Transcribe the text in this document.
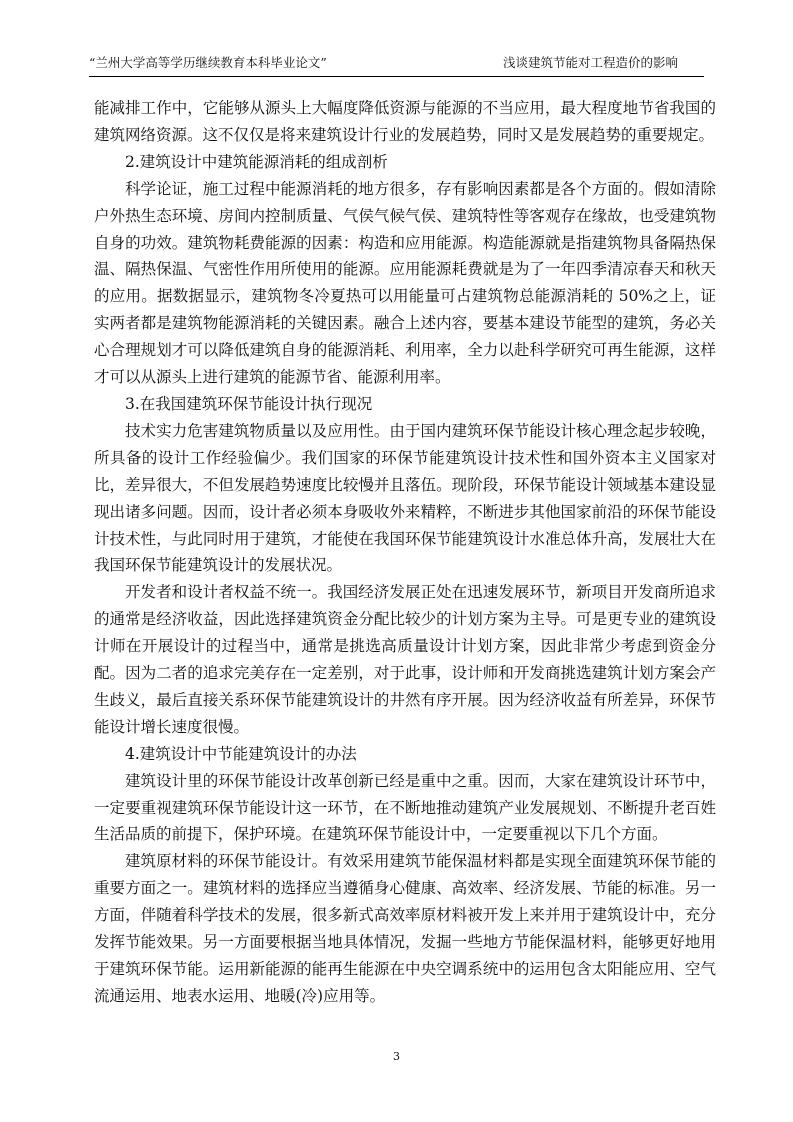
“兰州大学高等学历继续教育本科毕业论文”	浅谈建筑节能对工程造价的影响

能减排工作中，它能够从源头上大幅度降低资源与能源的不当应用，最大程度地节省我国的建筑网络资源。这不仅仅是将来建筑设计行业的发展趋势，同时又是发展趋势的重要规定。

2.建筑设计中建筑能源消耗的组成剖析

科学论证，施工过程中能源消耗的地方很多，存有影响因素都是各个方面的。假如清除户外热生态环境、房间内控制质量、气侯气候气侯、建筑特性等客观存在缘故，也受建筑物自身的功效。建筑物耗费能源的因素：构造和应用能源。构造能源就是指建筑物具备隔热保温、隔热保温、气密性作用所使用的能源。应用能源耗费就是为了一年四季清凉春天和秋天的应用。据数据显示，建筑物冬冷夏热可以用能量可占建筑物总能源消耗的 50%之上，证实两者都是建筑物能源消耗的关键因素。融合上述内容，要基本建设节能型的建筑，务必关心合理规划才可以降低建筑自身的能源消耗、利用率，全力以赴科学研究可再生能源，这样才可以从源头上进行建筑的能源节省、能源利用率。

3.在我国建筑环保节能设计执行现况

技术实力危害建筑物质量以及应用性。由于国内建筑环保节能设计核心理念起步较晚，所具备的设计工作经验偏少。我们国家的环保节能建筑设计技术性和国外资本主义国家对比，差异很大，不但发展趋势速度比较慢并且落伍。现阶段，环保节能设计领域基本建设显现出诸多问题。因而，设计者必须本身吸收外来精粹，不断进步其他国家前沿的环保节能设计技术性，与此同时用于建筑，才能使在我国环保节能建筑设计水准总体升高，发展壮大在我国环保节能建筑设计的发展状况。

开发者和设计者权益不统一。我国经济发展正处在迅速发展环节，新项目开发商所追求的通常是经济收益，因此选择建筑资金分配比较少的计划方案为主导。可是更专业的建筑设计师在开展设计的过程当中，通常是挑选高质量设计计划方案，因此非常少考虑到资金分配。因为二者的追求完美存在一定差别，对于此事，设计师和开发商挑选建筑计划方案会产生歧义，最后直接关系环保节能建筑设计的井然有序开展。因为经济收益有所差异，环保节能设计增长速度很慢。

4.建筑设计中节能建筑设计的办法

建筑设计里的环保节能设计改革创新已经是重中之重。因而，大家在建筑设计环节中，一定要重视建筑环保节能设计这一环节，在不断地推动建筑产业发展规划、不断提升老百姓生活品质的前提下，保护环境。在建筑环保节能设计中，一定要重视以下几个方面。

建筑原材料的环保节能设计。有效采用建筑节能保温材料都是实现全面建筑环保节能的重要方面之一。建筑材料的选择应当遵循身心健康、高效率、经济发展、节能的标准。另一方面，伴随着科学技术的发展，很多新式高效率原材料被开发上来并用于建筑设计中，充分发挥节能效果。另一方面要根据当地具体情况，发掘一些地方节能保温材料，能够更好地用于建筑环保节能。运用新能源的能再生能源在中央空调系统中的运用包含太阳能应用、空气流通运用、地表水运用、地暖(冷)应用等。

3
